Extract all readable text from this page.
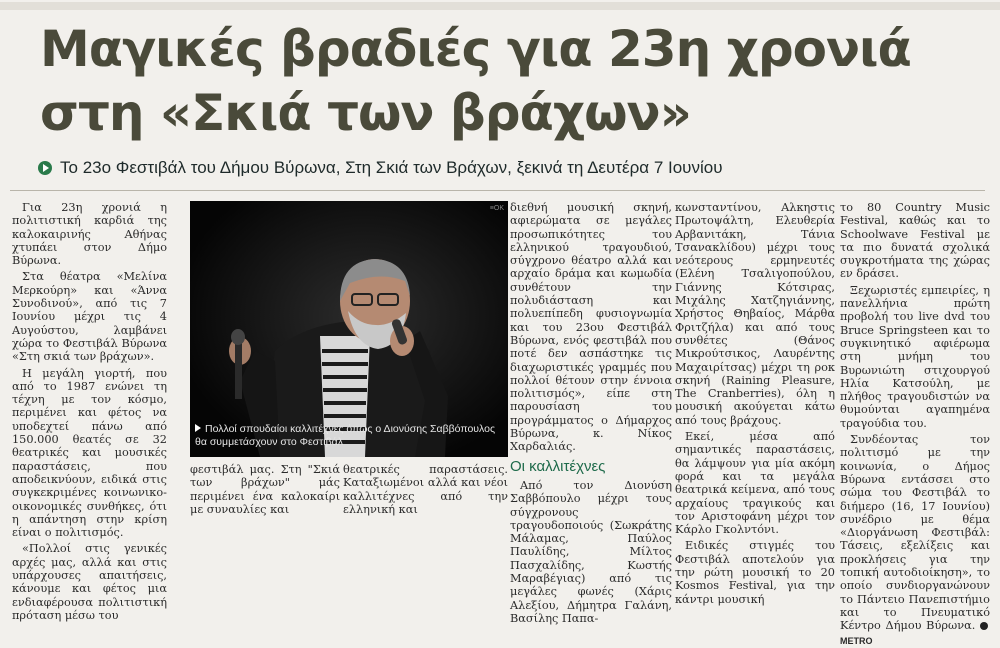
Μαγικές βραδιές για 23η χρονιά
στη «Σκιά των βράχων»
Το 23ο Φεστιβάλ του Δήμου Βύρωνα, Στη Σκιά των Βράχων, ξεκινά τη Δευτέρα 7 Ιουνίου

Για 23η χρονιά η πολιτιστική καρδιά της καλοκαιρινής Αθήνας χτυπάει στον Δήμο Βύρωνα.

Στα θέατρα «Μελίνα Μερκούρη» και «Άννα Συνοδινού», από τις 7 Ιουνίου μέχρι τις 4 Αυγούστου, λαμβάνει χώρα το Φεστιβάλ Βύρωνα «Στη σκιά των βράχων».

Η μεγάλη γιορτή, που από το 1987 ενώνει τη τέχνη με τον κόσμο, περιμένει και φέτος να υποδεχτεί πάνω από 150.000 θεατές σε 32 θεατρικές και μουσικές παραστάσεις, που αποδεικνύουν, ειδικά στις συγκεκριμένες κοινωνικο-οικονομικές συνθήκες, ότι η απάντηση στην κρίση είναι ο πολιτισμός.

«Πολλοί στις γενικές αρχές μας, αλλά και στις υπάρχουσες απαιτήσεις, κάνουμε και φέτος μια ενδιαφέρουσα πολιτιστική πρόταση μέσω του

≡OK
Πολλοί σπουδαίοι καλλιτέχνες όπως ο Διονύσης Σαββόπουλος
θα συμμετάσχουν στο Φεστιβάλ

φεστιβάλ μας. Στη "Σκιά των βράχων" μάς περιμένει ένα καλοκαίρι με συναυλίες και

θεατρικές παραστάσεις. Καταξιωμένοι αλλά και νέοι καλλιτέχνες από την ελληνική και

διεθνή μουσική σκηνή, αφιερώματα σε μεγάλες προσωπικότητες του ελληνικού τραγουδιού, σύγχρονο θέατρο αλλά και αρχαίο δράμα και κωμωδία συνθέτουν την πολυδιάσταση και πολυεπίπεδη φυσιογνωμία και του 23ου Φεστιβάλ Βύρωνα, ενός φεστιβάλ που ποτέ δεν ασπάστηκε τις διαχωριστικές γραμμές που πολλοί θέτουν στην έννοια πολιτισμός», είπε στη παρουσίαση του προγράμματος ο Δήμαρχος Βύρωνα, κ. Νίκος Χαρδαλιάς.

Οι καλλιτέχνες

Από τον Διονύση Σαββόπουλο μέχρι τους σύγχρονους τραγουδοποιούς (Σωκράτης Μάλαμας, Παύλος Παυλίδης, Μίλτος Πασχαλίδης, Κωστής Μαραβέγιας) από τις μεγάλες φωνές (Χάρις Αλεξίου, Δήμητρα Γαλάνη, Βασίλης Παπα-

κωνσταντίνου, Αλκηστις Πρωτοψάλτη, Ελευθερία Αρβανιτάκη, Τάνια Τσανακλίδου) μέχρι τους νεότερους ερμηνευτές (Ελένη Τσαλιγοπούλου, Γιάννης Κότσιρας, Μιχάλης Χατζηγιάννης, Χρήστος Θηβαίος, Μάρθα Φριτζήλα) και από τους συνθέτες (Θάνος Μικρούτσικος, Λαυρέντης Μαχαιρίτσας) μέχρι τη ροκ σκηνή (Raining Pleasure, The Cranberries), όλη η μουσική ακούγεται κάτω από τους βράχους.

Εκεί, μέσα από σημαντικές παραστάσεις, θα λάμψουν για μία ακόμη φορά και τα μεγάλα θεατρικά κείμενα, από τους αρχαίους τραγικούς και τον Αριστοφάνη μέχρι τον Κάρλο Γκολντόνι.

Ειδικές στιγμές του Φεστιβάλ αποτελούν για την ρώτη μουσική το 20 Kosmos Festival, για την κάντρι μουσική

το 80 Country Music Festival, καθώς και το Schoolwave Festival με τα πιο δυνατά σχολικά συγκροτήματα της χώρας εν δράσει.

Ξεχωριστές εμπειρίες, η πανελλήνια πρώτη προβολή του live dvd του Bruce Springsteen και το συγκινητικό αφιέρωμα στη μνήμη του Βυρωνιώτη στιχουργού Ηλία Κατσούλη, με πλήθος τραγουδιστών να θυμούνται αγαπημένα τραγούδια του.

Συνδέοντας τον πολιτισμό με την κοινωνία, ο Δήμος Βύρωνα εντάσσει στο σώμα του Φεστιβάλ το διήμερο (16, 17 Ιουνίου) συνέδριο με θέμα «Διοργάνωση Φεστιβάλ: Τάσεις, εξελίξεις και προκλήσεις για την τοπική αυτοδιοίκηση», το οποίο συνδιοργανώνουν το Πάντειο Πανεπιστήμιο και το Πνευματικό Κέντρο Δήμου Βύρωνα. METRO
